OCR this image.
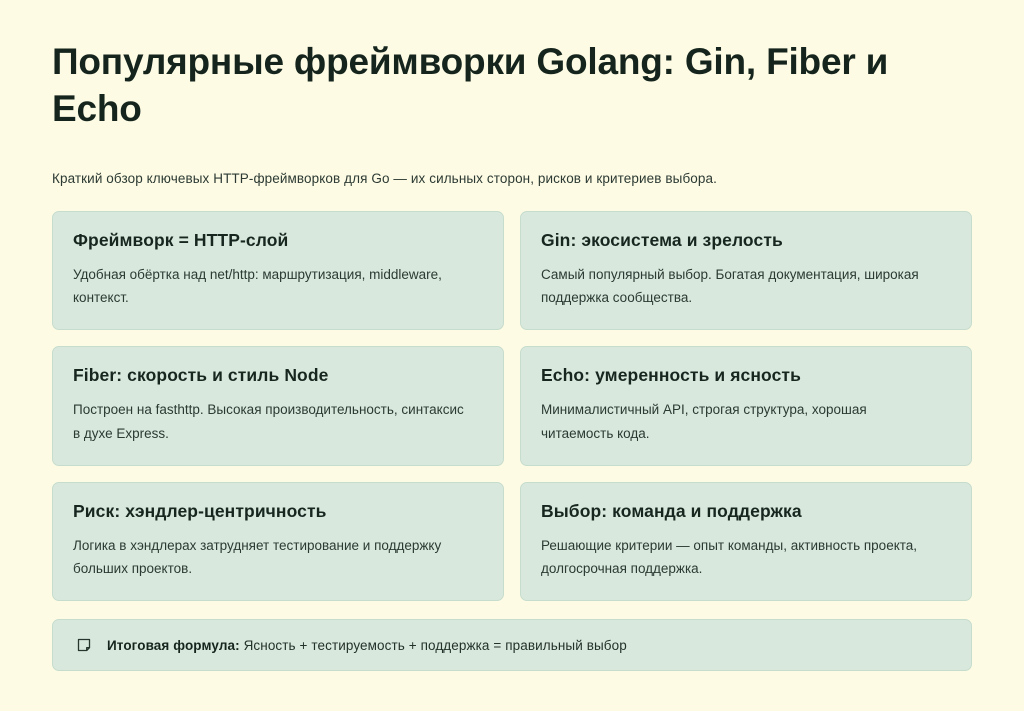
Популярные фреймворки Golang: Gin, Fiber и Echo
Краткий обзор ключевых HTTP-фреймворков для Go — их сильных сторон, рисков и критериев выбора.
Фреймворк = HTTP-слой

Удобная обёртка над net/http: маршрутизация, middleware, контекст.

Gin: экосистема и зрелость

Самый популярный выбор. Богатая документация, широкая поддержка сообщества.

Fiber: скорость и стиль Node

Построен на fasthttp. Высокая производительность, синтаксис в духе Express.

Echo: умеренность и ясность

Минималистичный API, строгая структура, хорошая читаемость кода.

Риск: хэндлер-центричность

Логика в хэндлерах затрудняет тестирование и поддержку больших проектов.

Выбор: команда и поддержка

Решающие критерии — опыт команды, активность проекта, долгосрочная поддержка.

Итоговая формула: Ясность + тестируемость + поддержка = правильный выбор
